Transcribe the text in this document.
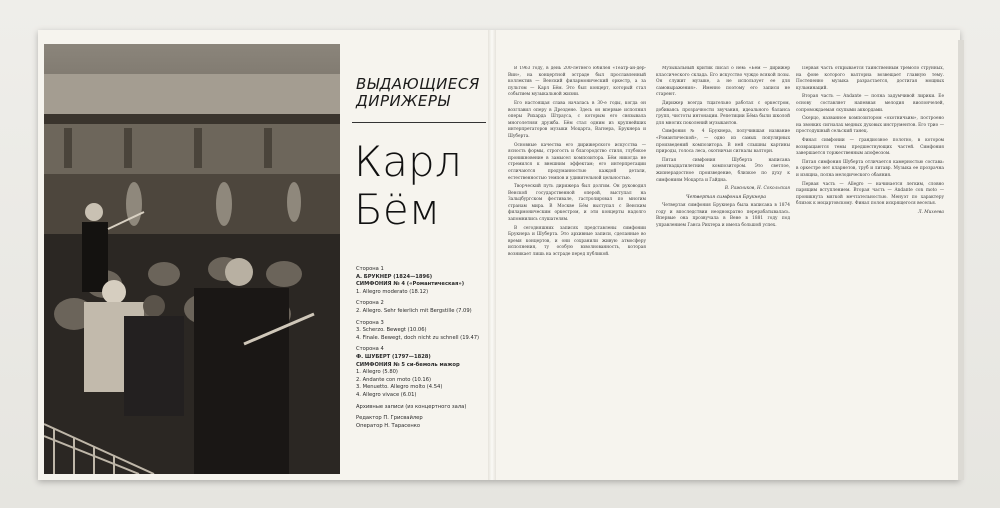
ВЫДАЮЩИЕСЯ
ДИРИЖЕРЫ
Карл
Бём
Сторона 1
А. БРУКНЕР (1824—1896)
СИМФОНИЯ № 4 («Романтическая»)
1. Allegro moderato (18.12)
Сторона 2
2. Allegro. Sehr feierlich mit Bergstille (7.09)
Сторона 3
3. Scherzo. Bewegt (10.06)
4. Finale. Bewegt, doch nicht zu schnell (19.47)
Сторона 4
Ф. ШУБЕРТ (1797—1828)
СИМФОНИЯ № 5 си-бемоль мажор
1. Allegro (5.80)
2. Andante con moto (10.16)
3. Menuetto. Allegro molto (4.54)
4. Allegro vivace (6.01)
Архивные записи (из концертного зала)
Редактор П. Грисвайлер
Оператор Н. Тарасенко

В 1963 году, в день 200-летнего юбилея «Театр-ан-дер-Вин», на концертной эстраде был прославленный коллектив — Венский филармонический оркестр, а за пультом — Карл Бём. Это был концерт, который стал событием музыкальной жизни.

Его настоящая слава началась в 30-е годы, когда он возглавил оперу в Дрездене. Здесь он впервые исполнил оперы Рихарда Штрауса, с которым его связывала многолетняя дружба. Бём стал одним из крупнейших интерпретаторов музыки Моцарта, Вагнера, Брукнера и Шуберта.

Основные качества его дирижерского искусства — ясность формы, строгость и благородство стиля, глубокое проникновение в замысел композитора. Бём никогда не стремился к внешним эффектам; его интерпретации отличаются продуманностью каждой детали, естественностью темпов и удивительной цельностью.

Творческий путь дирижера был долгим. Он руководил Венской государственной оперой, выступал на Зальцбургском фестивале, гастролировал по многим странам мира. В Москве Бём выступал с Венским филармоническим оркестром, и эти концерты надолго запомнились слушателям.

В сегодняшних записях представлены симфонии Брукнера и Шуберта. Это архивные записи, сделанные во время концертов, и они сохранили живую атмосферу исполнения, ту особую взволнованность, которая возникает лишь на эстраде перед публикой.

Музыкальный критик писал о нем: «Бём — дирижер классического склада. Его искусство чуждо всякой позы. Он служит музыке, а не использует ее для самовыражения». Именно поэтому его записи не стареют.

Дирижер всегда тщательно работал с оркестром, добиваясь прозрачности звучания, идеального баланса групп, чистоты интонации. Репетиции Бёма были школой для многих поколений музыкантов.

Симфония № 4 Брукнера, получившая название «Романтической», — одно из самых популярных произведений композитора. В ней слышны картины природы, голоса леса, охотничьи сигналы валторн.

Пятая симфония Шуберта написана девятнадцатилетним композитором. Это светлое, жизнерадостное произведение, близкое по духу к симфониям Моцарта и Гайдна.

В. Ражников, Н. Сокольская

Четвертая симфония Брукнера

Четвертая симфония Брукнера была написана в 1874 году и впоследствии неоднократно перерабатывалась. Впервые она прозвучала в Вене в 1881 году под управлением Ганса Рихтера и имела большой успех.

Первая часть открывается таинственным тремоло струнных, на фоне которого валторна возвещает главную тему. Постепенно музыка разрастается, достигая мощных кульминаций.

Вторая часть — Andante — полна задумчивой лирики. Ее основу составляет напевная мелодия виолончелей, сопровождаемая скупыми аккордами.

Скерцо, названное композитором «охотничьим», построено на звонких сигналах медных духовых инструментов. Его трио — простодушный сельский танец.

Финал симфонии — грандиозное полотно, в котором возвращаются темы предшествующих частей. Симфония завершается торжественным апофеозом.

Пятая симфония Шуберта отличается камерностью состава: в оркестре нет кларнетов, труб и литавр. Музыка ее прозрачна и изящна, полна мелодического обаяния.

Первая часть — Allegro — начинается легким, словно парящим вступлением. Вторая часть — Andante con moto — проникнута мягкой мечтательностью. Менуэт по характеру близок к моцартовскому. Финал полон искрящегося веселья.

Л. Михеева
